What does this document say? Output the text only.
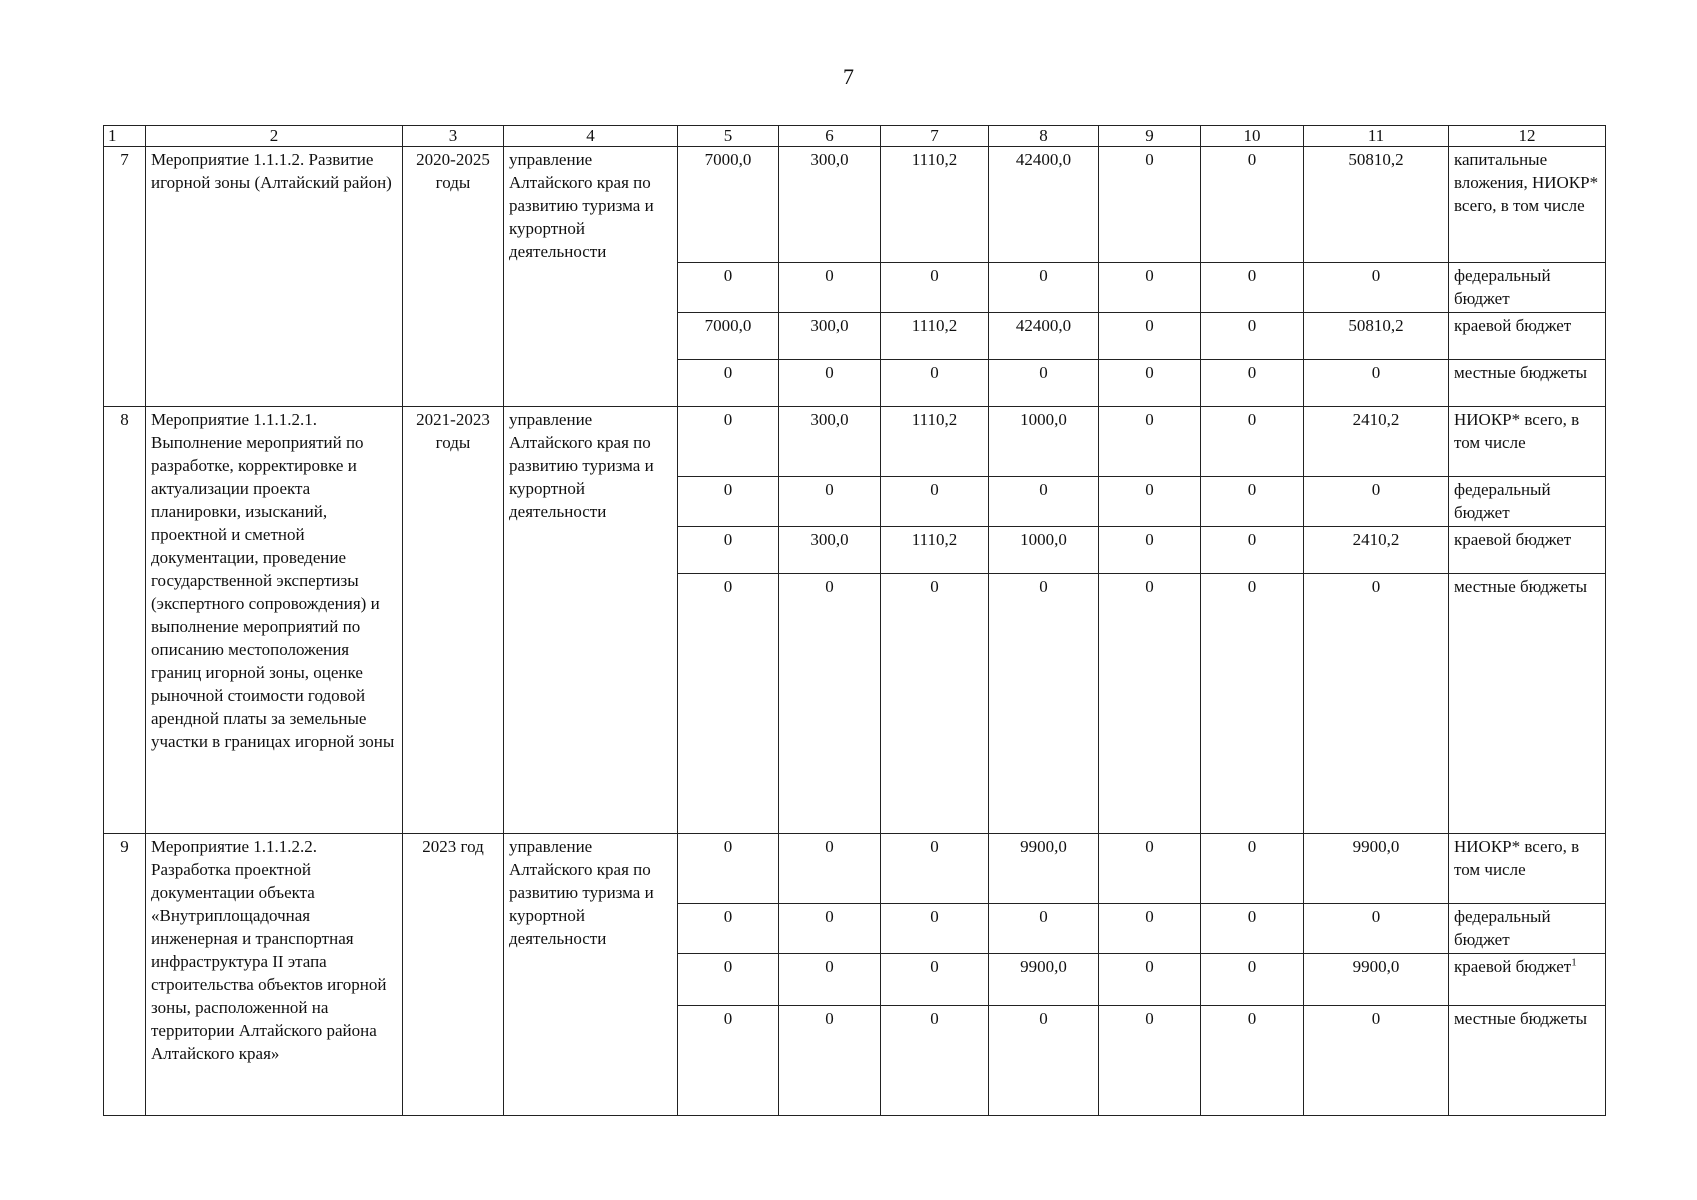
7
1	2	3	4	5	6	7	8	9	10	11	12
7	Мероприятие 1.1.1.2. Развитие игорной зоны (Алтайский район)	2020-2025 годы	управление Алтайского края по развитию туризма и курортной деятельности	7000,0	300,0	1110,2	42400,0	0	0	50810,2	капитальные вложения, НИОКР* всего, в том числе
				0	0	0	0	0	0	0	федеральный бюджет
				7000,0	300,0	1110,2	42400,0	0	0	50810,2	краевой бюджет
				0	0	0	0	0	0	0	местные бюджеты
8	Мероприятие 1.1.1.2.1. Выполнение мероприятий по разработке, корректировке и актуализации проекта планировки, изысканий, проектной и сметной документации, проведение государственной экспертизы (экспертного сопровождения) и выполнение мероприятий по описанию местоположения границ игорной зоны, оценке рыночной стоимости годовой арендной платы за земельные участки в границах игорной зоны	2021-2023 годы	управление Алтайского края по развитию туризма и курортной деятельности	0	300,0	1110,2	1000,0	0	0	2410,2	НИОКР* всего, в том числе
				0	0	0	0	0	0	0	федеральный бюджет
				0	300,0	1110,2	1000,0	0	0	2410,2	краевой бюджет
				0	0	0	0	0	0	0	местные бюджеты
9	Мероприятие 1.1.1.2.2. Разработка проектной документации объекта «Внутриплощадочная инженерная и транспортная инфраструктура II этапа строительства объектов игорной зоны, расположенной на территории Алтайского района Алтайского края»	2023 год	управление Алтайского края по развитию туризма и курортной деятельности	0	0	0	9900,0	0	0	9900,0	НИОКР* всего, в том числе
				0	0	0	0	0	0	0	федеральный бюджет
				0	0	0	9900,0	0	0	9900,0	краевой бюджет$^1$
				0	0	0	0	0	0	0	местные бюджеты
